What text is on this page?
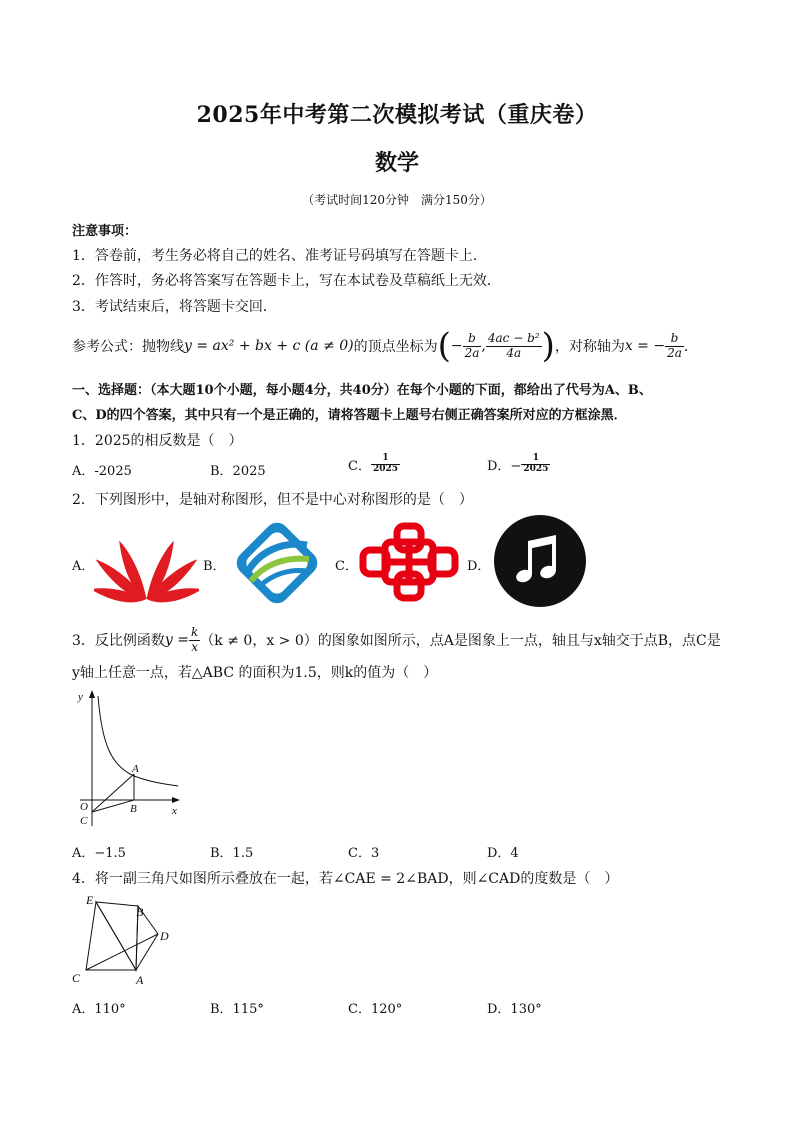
2025年中考第二次模拟考试（重庆卷）
数学
（考试时间120分钟　满分150分）
注意事项：
1．答卷前，考生务必将自己的姓名、准考证号码填写在答题卡上．
2．作答时，务必将答案写在答题卡上，写在本试卷及草稿纸上无效．
3．考试结束后，将答题卡交回．
参考公式：抛物线 y = ax² + bx + c (a ≠ 0) 的顶点坐标为 ( − $\frac{b}{2a}$ , $\frac{\text{4ac − b²}}{4a}$ ) ，对称轴为 x = − $\frac{b}{2a}$ ．
一、选择题：（本大题10个小题，每小题4分，共40分）在每个小题的下面，都给出了代号为A、B、
C、D的四个答案，其中只有一个是正确的，请将答题卡上题号右侧正确答案所对应的方框涂黑．
1．2025的相反数是（　）
A．-2025	B．2025	C． $\frac{1}{2025}$	D．− $\frac{1}{2025}$
2．下列图形中，是轴对称图形，但不是中心对称图形的是（　）
A．	B．	C．	D．
3．反比例函数 $y = \frac{k}{x} (k \ne 0$，x > 0）的图象如图所示，点A是图象上一点，轴且与x轴交于点B，点C是
y轴上任意一点，若△ABC 的面积为1.5，则k的值为（　）
y
x
O
A
B
C
A．−1.5	B．1.5	C．3	D．4
4．将一副三角尺如图所示叠放在一起，若∠CAE = 2∠BAD，则∠CAD的度数是（　）
E
B
D
C	A
A．110°	B．115°	C．120°	D．130°
